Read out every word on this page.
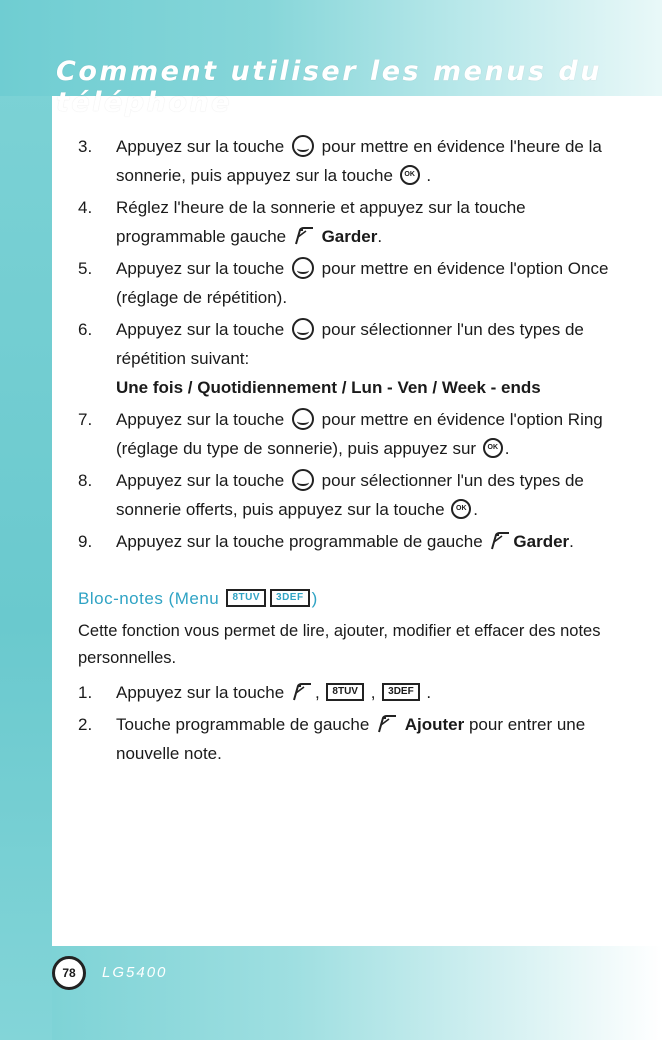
Comment utiliser les menus du téléphone
3.	Appuyez sur la touche  pour mettre en évidence l'heure de la sonnerie, puis appuyez sur la touche OK .
4.	Réglez l'heure de la sonnerie et appuyez sur la touche programmable gauche  Garder.
5.	Appuyez sur la touche  pour mettre en évidence l'option Once (réglage de répétition).
6.	Appuyez sur la touche  pour sélectionner l'un des types de répétition suivant:
Une fois / Quotidiennement / Lun - Ven / Week - ends
7.	Appuyez sur la touche  pour mettre en évidence l'option Ring (réglage du type de sonnerie), puis appuyez sur OK .
8.	Appuyez sur la touche  pour sélectionner l'un des types de sonnerie offerts, puis appuyez sur la touche OK .
9.	Appuyez sur la touche programmable de gauche Garder.
Bloc-notes (Menu 8TUV 3DEF )
Cette fonction vous permet de lire, ajouter, modifier et effacer des notes personnelles.
1.	Appuyez sur la touche , 8TUV , 3DEF .
2.	Touche programmable de gauche  Ajouter pour entrer une nouvelle note.
78	LG5400
